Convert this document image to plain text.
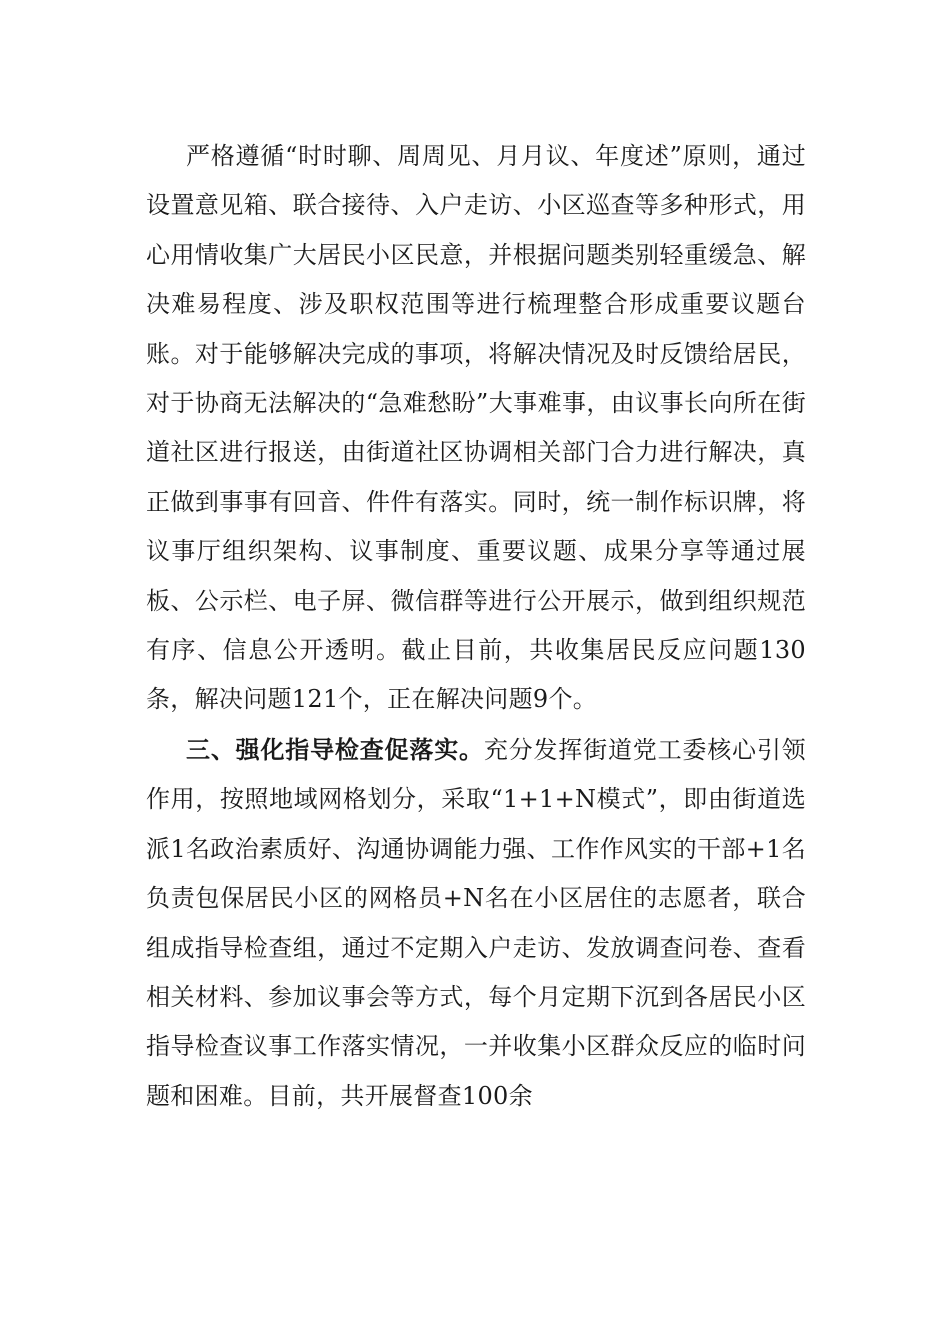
严格遵循“时时聊、周周见、月月议、年度述”原则，通过设置意见箱、联合接待、入户走访、小区巡查等多种形式，用心用情收集广大居民小区民意，并根据问题类别轻重缓急、解决难易程度、涉及职权范围等进行梳理整合形成重要议题台账。对于能够解决完成的事项，将解决情况及时反馈给居民，对于协商无法解决的“急难愁盼”大事难事，由议事长向所在街道社区进行报送，由街道社区协调相关部门合力进行解决，真正做到事事有回音、件件有落实。同时，统一制作标识牌，将议事厅组织架构、议事制度、重要议题、成果分享等通过展板、公示栏、电子屏、微信群等进行公开展示，做到组织规范有序、信息公开透明。截止目前，共收集居民反应问题130条，解决问题121个，正在解决问题9个。

三、强化指导检查促落实。充分发挥街道党工委核心引领作用，按照地域网格划分，采取“1+1+N模式”，即由街道选派1名政治素质好、沟通协调能力强、工作作风实的干部+1名负责包保居民小区的网格员+N名在小区居住的志愿者，联合组成指导检查组，通过不定期入户走访、发放调查问卷、查看相关材料、参加议事会等方式，每个月定期下沉到各居民小区指导检查议事工作落实情况，一并收集小区群众反应的临时问题和困难。目前，共开展督查100余
